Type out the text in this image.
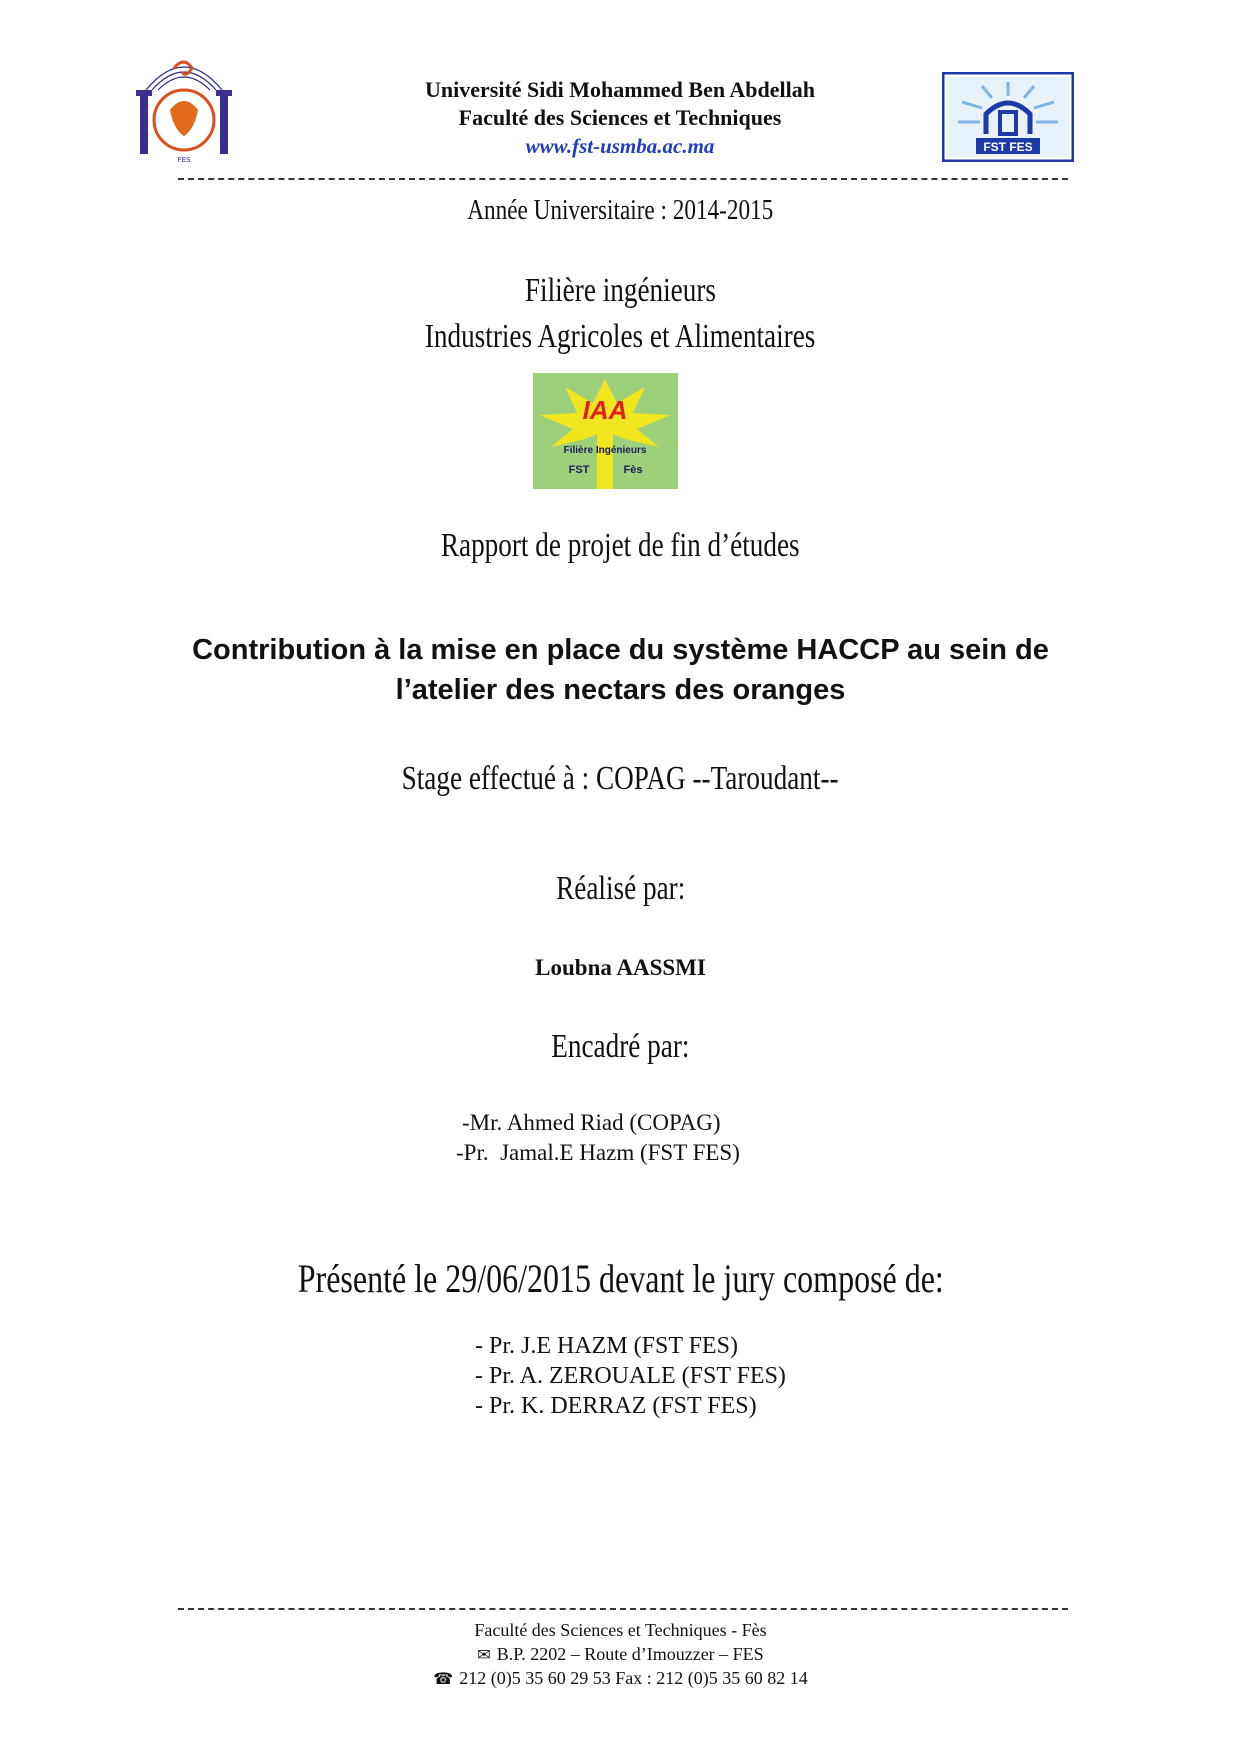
FES
Université Sidi Mohammed Ben Abdellah
Faculté des Sciences et Techniques
www.fst-usmba.ac.ma	FST FES
Année Universitaire : 2014-2015
Filière ingénieurs
Industries Agricoles et Alimentaires
IAA
Filière Ingénieurs
FST	Fès
Rapport de projet de fin d’études
Contribution à la mise en place du système HACCP au sein de
l’atelier des nectars des oranges
Stage effectué à : COPAG --Taroudant--
Réalisé par:
Loubna AASSMI
Encadré par:
-Mr. Ahmed Riad (COPAG)
-Pr.  Jamal.E Hazm (FST FES)
Présenté le 29/06/2015 devant le jury composé de:
- Pr. J.E HAZM (FST FES)
- Pr. A. ZEROUALE (FST FES)
- Pr. K. DERRAZ (FST FES)
Faculté des Sciences et Techniques - Fès
✉ B.P. 2202 – Route d’Imouzzer – FES
☎ 212 (0)5 35 60 29 53 Fax : 212 (0)5 35 60 82 14
